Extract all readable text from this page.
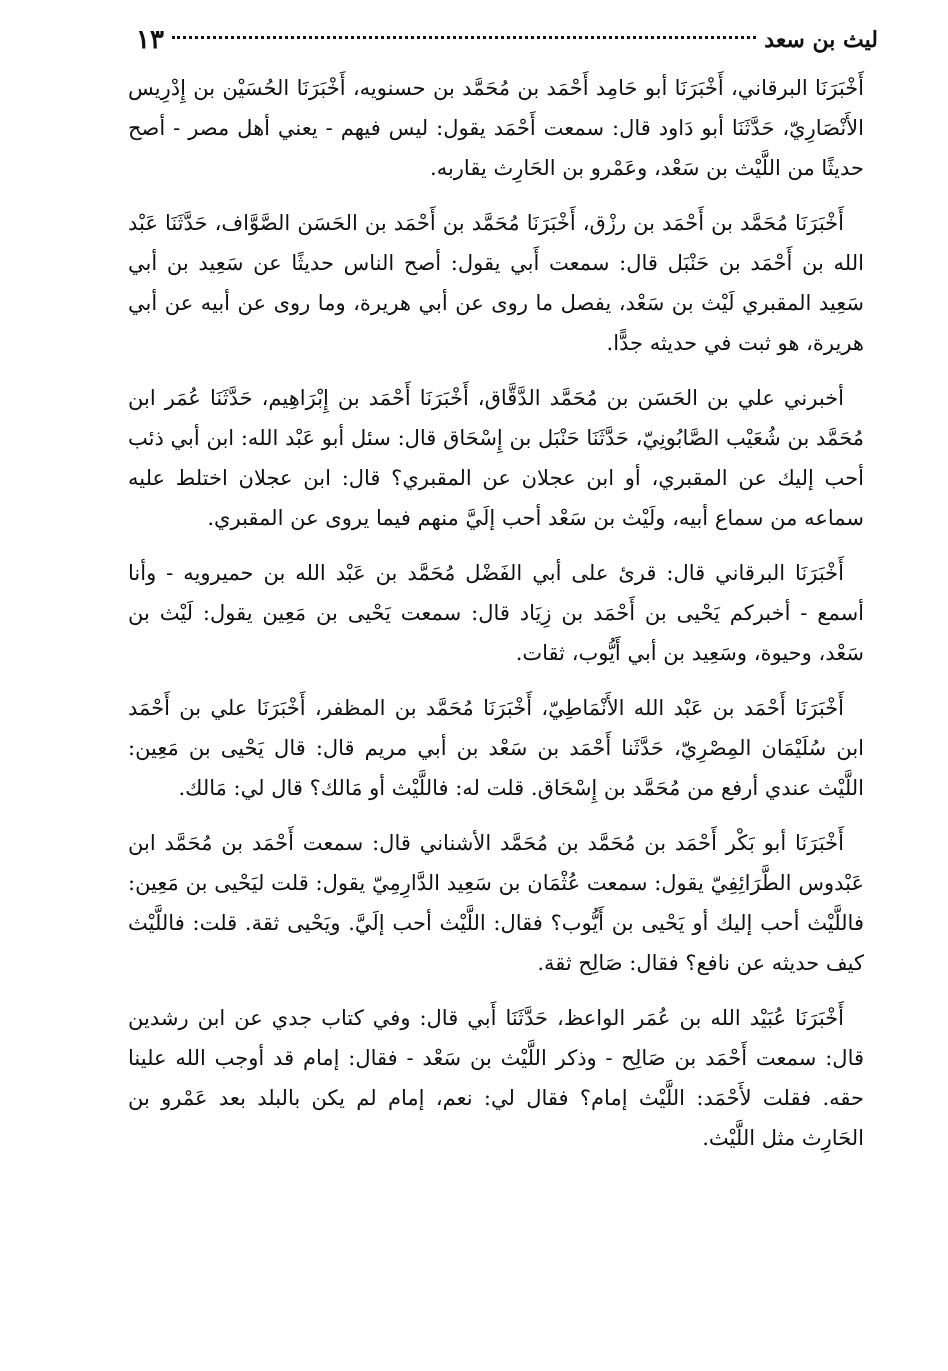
ليث بن سعد
١٣

أَخْبَرَنَا البرقاني، أَخْبَرَنَا أبو حَامِد أَحْمَد بن مُحَمَّد بن حسنويه، أَخْبَرَنَا الحُسَيْن بن إِدْرِيس الأَنْصَارِيّ، حَدَّثَنَا أبو دَاود قال: سمعت أَحْمَد يقول: ليس فيهم - يعني أهل مصر - أصح حديثًا من اللَّيْث بن سَعْد، وعَمْرو بن الحَارِث يقاربه.

أَخْبَرَنَا مُحَمَّد بن أَحْمَد بن رزْق، أَخْبَرَنَا مُحَمَّد بن أَحْمَد بن الحَسَن الصَّوَّاف، حَدَّثَنَا عَبْد الله بن أَحْمَد بن حَنْبَل قال: سمعت أَبي يقول: أصح الناس حديثًا عن سَعِيد بن أبي سَعِيد المقبري لَيْث بن سَعْد، يفصل ما روى عن أبي هريرة، وما روى عن أبيه عن أبي هريرة، هو ثبت في حديثه جدًّا.

أخبرني علي بن الحَسَن بن مُحَمَّد الدَّقَّاق، أَخْبَرَنَا أَحْمَد بن إِبْرَاهِيم، حَدَّثَنَا عُمَر ابن مُحَمَّد بن شُعَيْب الصَّابُونِيّ، حَدَّثَنَا حَنْبَل بن إِسْحَاق قال: سئل أبو عَبْد الله: ابن أبي ذئب أحب إليك عن المقبري، أو ابن عجلان عن المقبري؟ قال: ابن عجلان اختلط عليه سماعه من سماع أبيه، ولَيْث بن سَعْد أحب إلَيَّ منهم فيما يروى عن المقبري.

أَخْبَرَنَا البرقاني قال: قرئ على أبي الفَضْل مُحَمَّد بن عَبْد الله بن حميرويه - وأنا أسمع - أخبركم يَحْيى بن أَحْمَد بن زِيَاد قال: سمعت يَحْيى بن مَعِين يقول: لَيْث بن سَعْد، وحيوة، وسَعِيد بن أبي أَيُّوب، ثقات.

أَخْبَرَنَا أَحْمَد بن عَبْد الله الأَنْمَاطِيّ، أَخْبَرَنَا مُحَمَّد بن المظفر، أَخْبَرَنَا علي بن أَحْمَد ابن سُلَيْمَان المِصْرِيّ، حَدَّثَنا أَحْمَد بن سَعْد بن أبي مريم قال: قال يَحْيى بن مَعِين: اللَّيْث عندي أرفع من مُحَمَّد بن إِسْحَاق. قلت له: فاللَّيْث أو مَالك؟ قال لي: مَالك.

أَخْبَرَنَا أبو بَكْر أَحْمَد بن مُحَمَّد بن مُحَمَّد الأشناني قال: سمعت أَحْمَد بن مُحَمَّد ابن عَبْدوس الطَّرَائِفِيّ يقول: سمعت عُثْمَان بن سَعِيد الدَّارِمِيّ يقول: قلت ليَحْيى بن مَعِين: فاللَّيْث أحب إليك أو يَحْيى بن أَيُّوب؟ فقال: اللَّيْث أحب إلَيَّ. ويَحْيى ثقة. قلت: فاللَّيْث كيف حديثه عن نافع؟ فقال: صَالِح ثقة.

أَخْبَرَنَا عُبَيْد الله بن عُمَر الواعظ، حَدَّثَنَا أَبي قال: وفي كتاب جدي عن ابن رشدين قال: سمعت أَحْمَد بن صَالِح - وذكر اللَّيْث بن سَعْد - فقال: إمام قد أوجب الله علينا حقه. فقلت لأَحْمَد: اللَّيْث إمام؟ فقال لي: نعم، إمام لم يكن بالبلد بعد عَمْرو بن الحَارِث مثل اللَّيْث.
